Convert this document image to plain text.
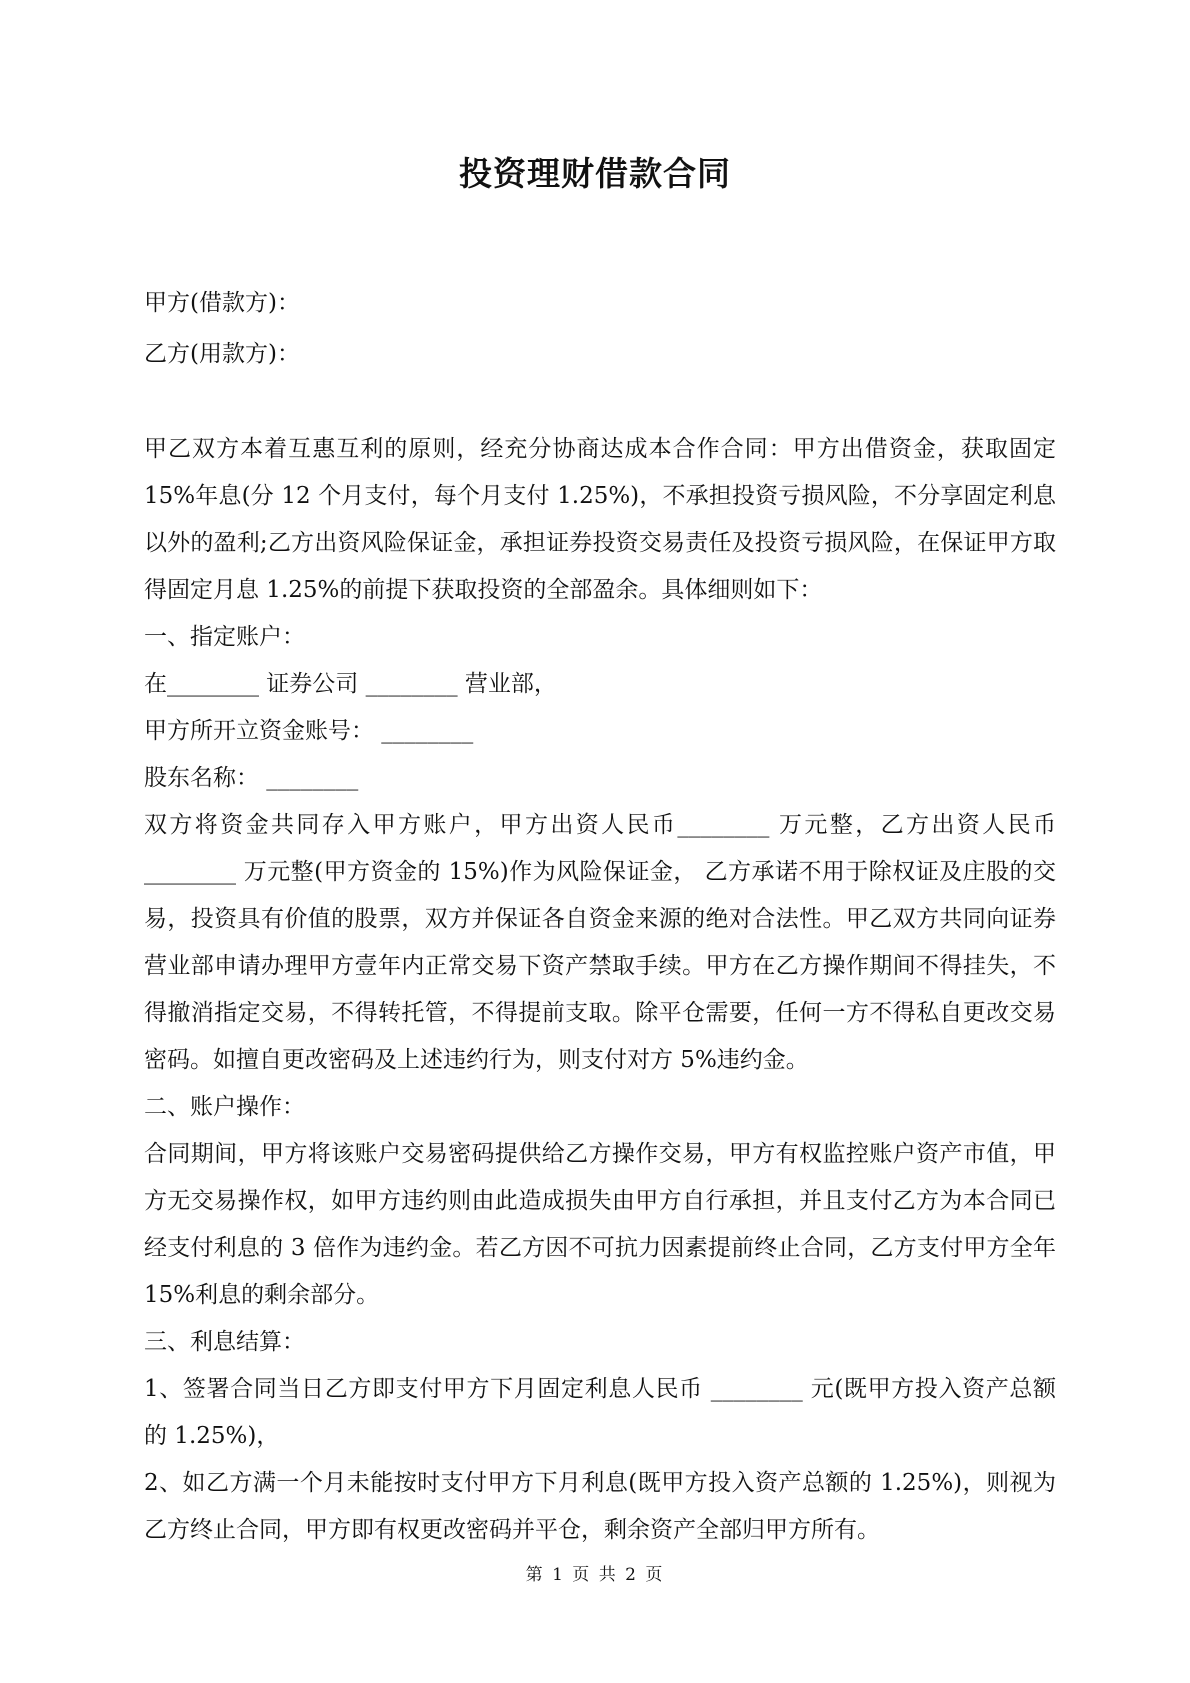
投资理财借款合同

甲方(借款方)：

乙方(用款方)：

甲乙双方本着互惠互利的原则，经充分协商达成本合作合同：甲方出借资金，获取固定15%年息(分 12 个月支付，每个月支付 1.25%)，不承担投资亏损风险，不分享固定利息以外的盈利;乙方出资风险保证金，承担证券投资交易责任及投资亏损风险，在保证甲方取得固定月息 1.25%的前提下获取投资的全部盈余。具体细则如下：

一、指定账户：

在________ 证券公司 ________ 营业部，

甲方所开立资金账号： ________

股东名称： ________

双方将资金共同存入甲方账户，甲方出资人民币________ 万元整，乙方出资人民币________ 万元整(甲方资金的 15%)作为风险保证金， 乙方承诺不用于除权证及庄股的交易，投资具有价值的股票，双方并保证各自资金来源的绝对合法性。甲乙双方共同向证券营业部申请办理甲方壹年内正常交易下资产禁取手续。甲方在乙方操作期间不得挂失，不得撤消指定交易，不得转托管，不得提前支取。除平仓需要，任何一方不得私自更改交易密码。如擅自更改密码及上述违约行为，则支付对方 5%违约金。

二、账户操作：

合同期间，甲方将该账户交易密码提供给乙方操作交易，甲方有权监控账户资产市值，甲方无交易操作权，如甲方违约则由此造成损失由甲方自行承担，并且支付乙方为本合同已经支付利息的 3 倍作为违约金。若乙方因不可抗力因素提前终止合同，乙方支付甲方全年 15%利息的剩余部分。

三、利息结算：

1、签署合同当日乙方即支付甲方下月固定利息人民币 ________ 元(既甲方投入资产总额的 1.25%)，

2、如乙方满一个月未能按时支付甲方下月利息(既甲方投入资产总额的 1.25%)，则视为乙方终止合同，甲方即有权更改密码并平仓，剩余资产全部归甲方所有。

第 1 页 共 2 页
